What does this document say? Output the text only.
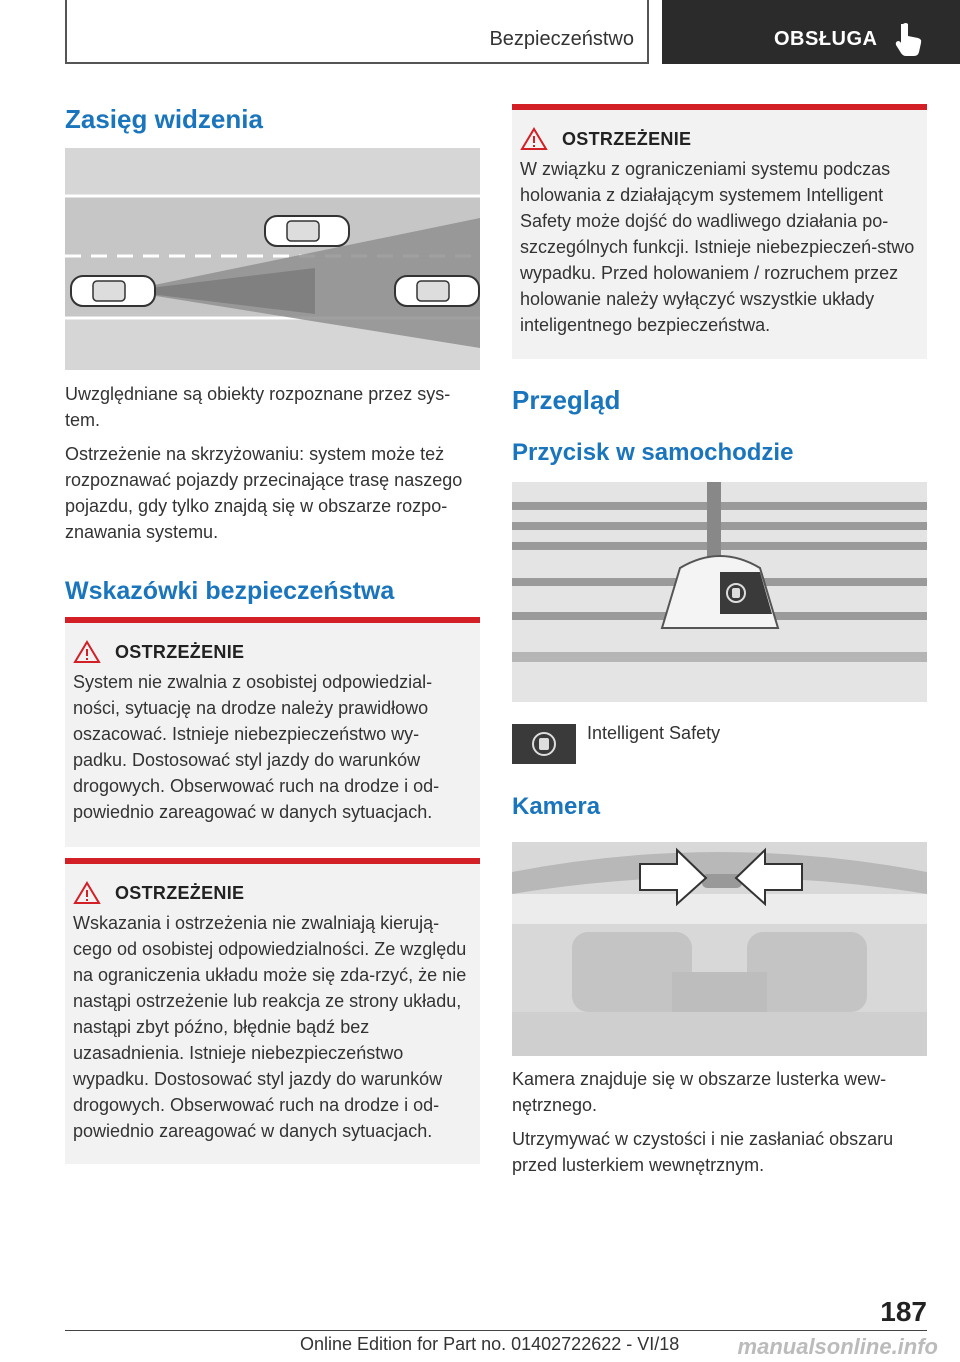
Bezpieczeństwo	OBSŁUGA
Zasięg widzenia
Uwzględniane są obiekty rozpoznane przez sys-tem.
Ostrzeżenie na skrzyżowaniu: system może też rozpoznawać pojazdy przecinające trasę naszego pojazdu, gdy tylko znajdą się w obszarze rozpo-znawania systemu.
Wskazówki bezpieczeństwa
OSTRZEŻENIE
System nie zwalnia z osobistej odpowiedzial-ności, sytuację na drodze należy prawidłowo oszacować. Istnieje niebezpieczeństwo wy-padku. Dostosować styl jazdy do warunków drogowych. Obserwować ruch na drodze i od-powiednio zareagować w danych sytuacjach.
OSTRZEŻENIE
Wskazania i ostrzeżenia nie zwalniają kierują-cego od osobistej odpowiedzialności. Ze względu na ograniczenia układu może się zda-rzyć, że nie nastąpi ostrzeżenie lub reakcja ze strony układu, nastąpi zbyt późno, błędnie bądź bez uzasadnienia. Istnieje niebezpieczeństwo wypadku. Dostosować styl jazdy do warunków drogowych. Obserwować ruch na drodze i od-powiednio zareagować w danych sytuacjach.
OSTRZEŻENIE
W związku z ograniczeniami systemu podczas holowania z działającym systemem Intelligent Safety może dojść do wadliwego działania po-szczególnych funkcji. Istnieje niebezpieczeń-stwo wypadku. Przed holowaniem / rozruchem przez holowanie należy wyłączyć wszystkie układy inteligentnego bezpieczeństwa.
Przegląd
Przycisk w samochodzie
Intelligent Safety
Kamera
Kamera znajduje się w obszarze lusterka wew-nętrznego.
Utrzymywać w czystości i nie zasłaniać obszaru przed lusterkiem wewnętrznym.
187
Online Edition for Part no. 01402722622 - VI/18	manualsonline.info
